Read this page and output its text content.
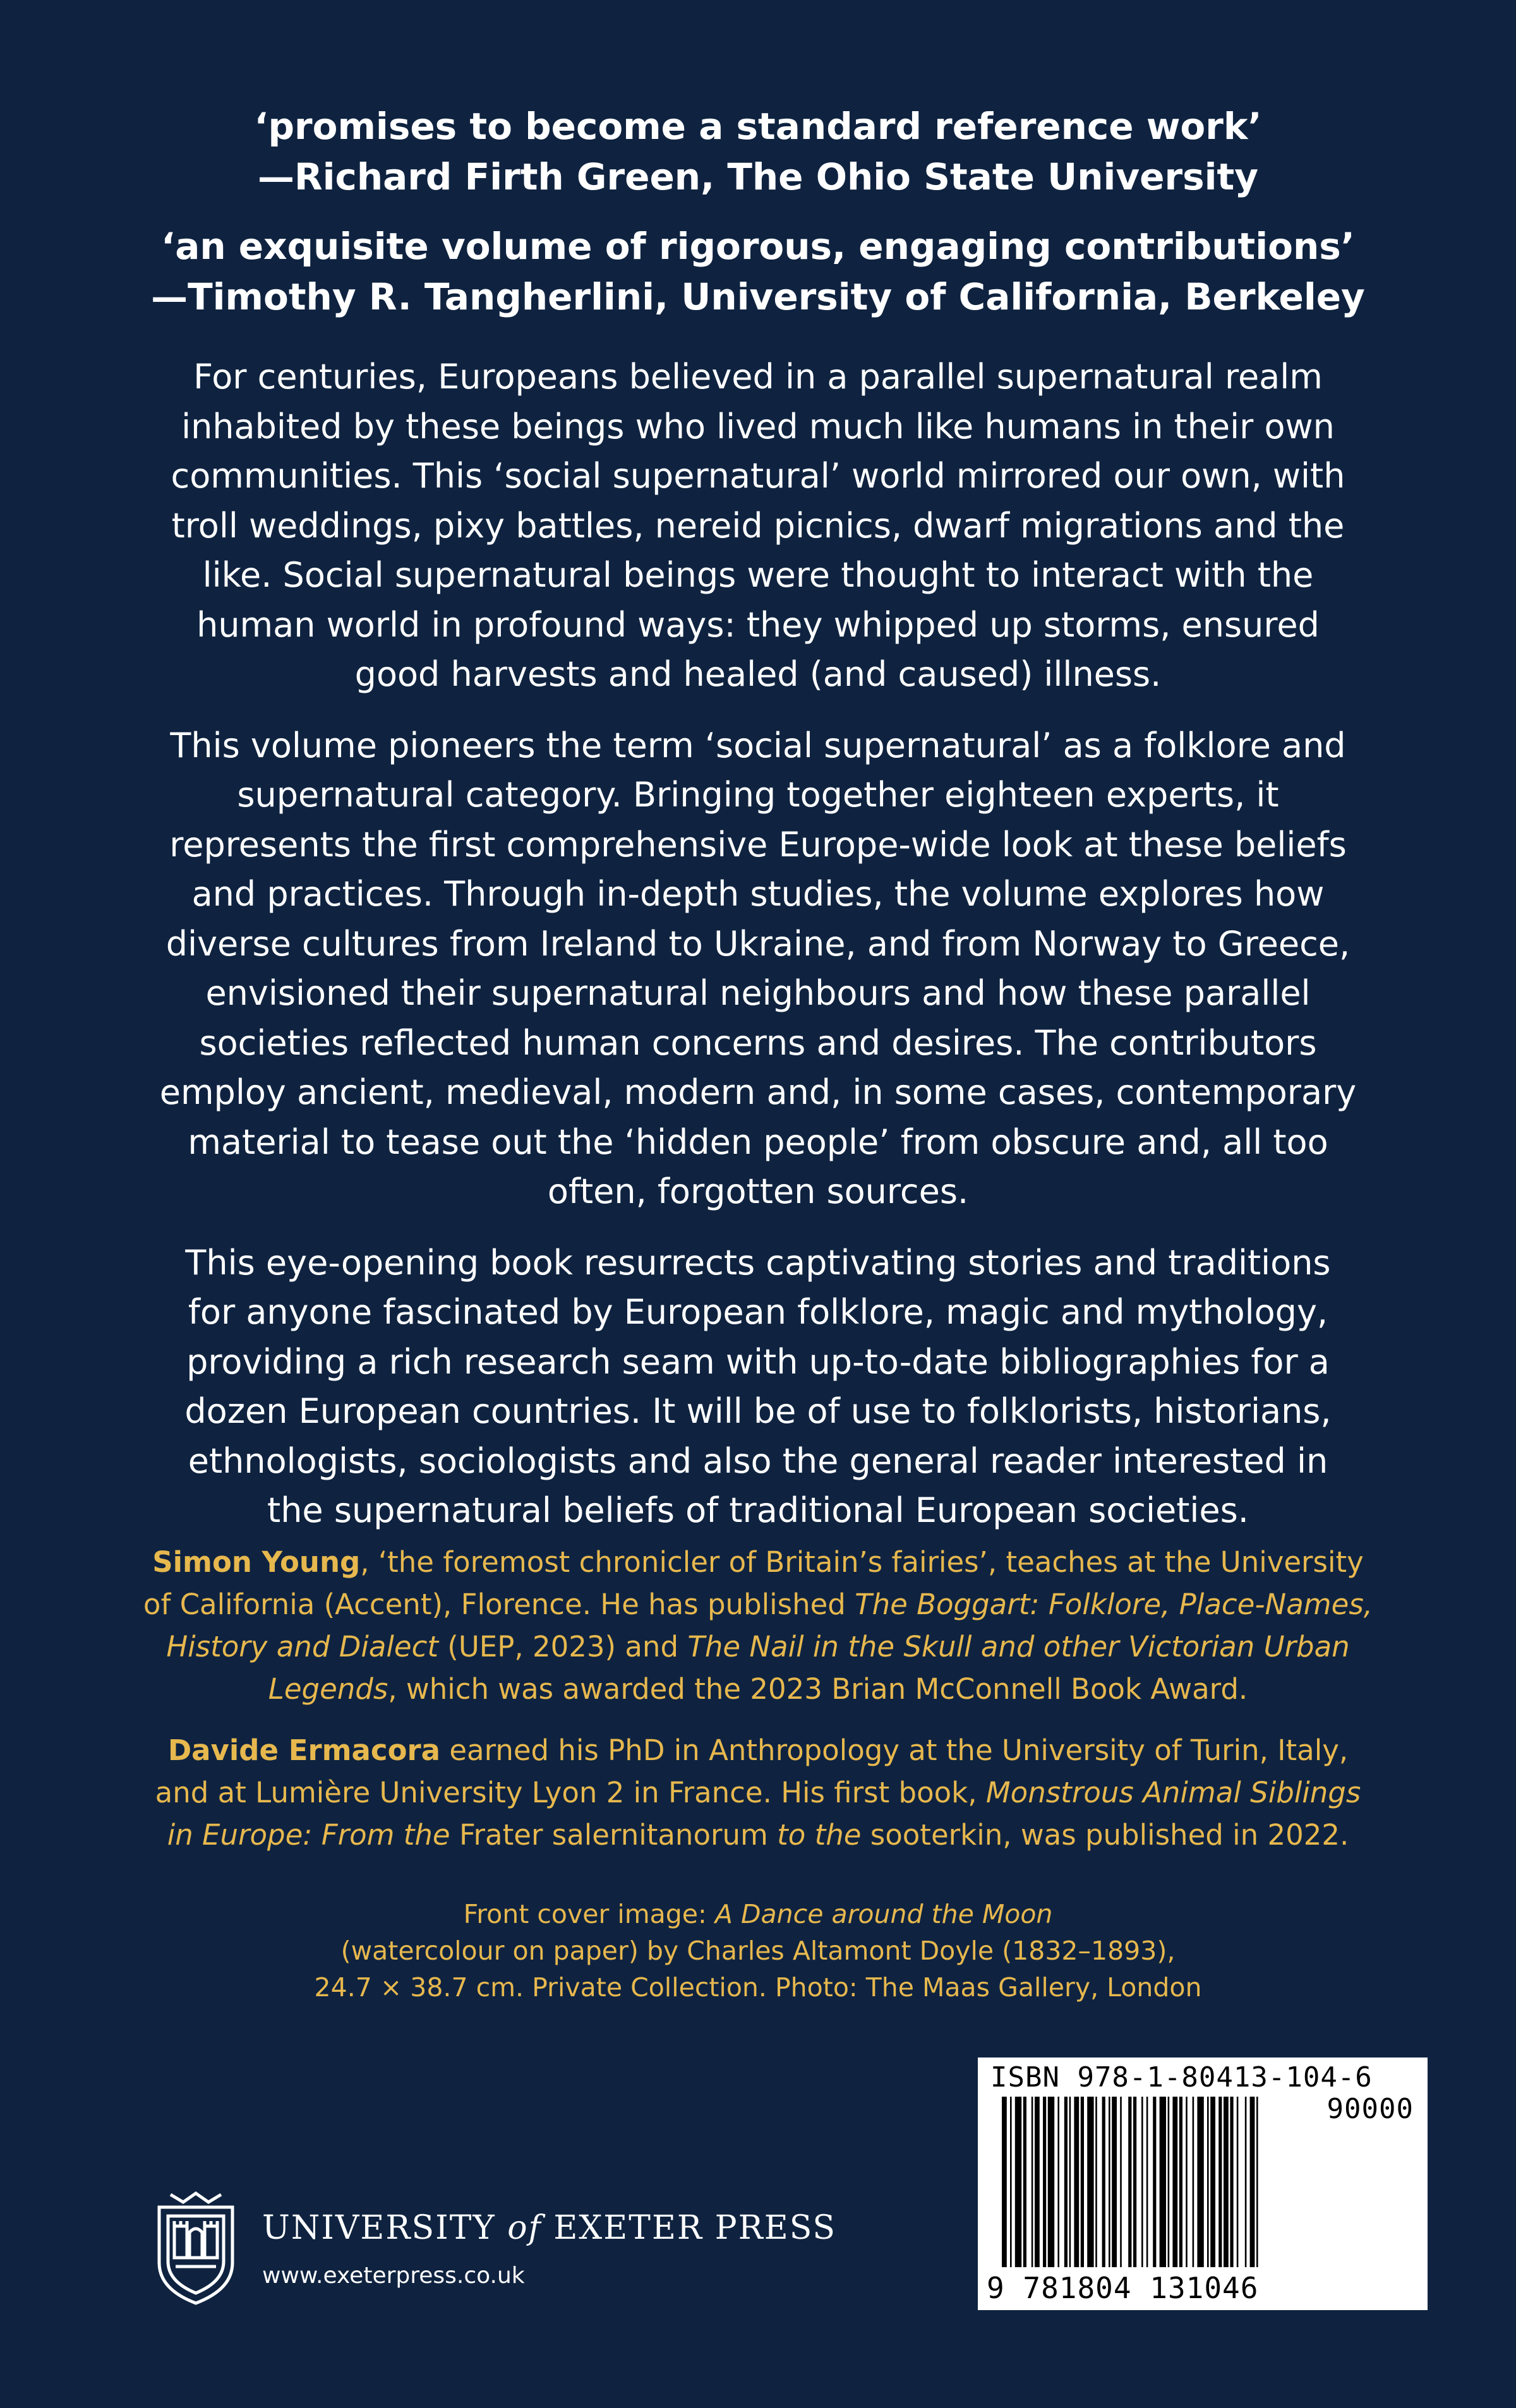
‘promises to become a standard reference work’
—Richard Firth Green, The Ohio State University
‘an exquisite volume of rigorous, engaging contributions’
—Timothy R. Tangherlini, University of California, Berkeley

For centuries, Europeans believed in a parallel supernatural realm inhabited by these beings who lived much like humans in their own communities. This ‘social supernatural’ world mirrored our own, with troll weddings, pixy battles, nereid picnics, dwarf migrations and the like. Social supernatural beings were thought to interact with the human world in profound ways: they whipped up storms, ensured good harvests and healed (and caused) illness.

This volume pioneers the term ‘social supernatural’ as a folklore and supernatural category. Bringing together eighteen experts, it represents the first comprehensive Europe-wide look at these beliefs and practices. Through in-depth studies, the volume explores how diverse cultures from Ireland to Ukraine, and from Norway to Greece, envisioned their supernatural neighbours and how these parallel societies reflected human concerns and desires. The contributors employ ancient, medieval, modern and, in some cases, contemporary material to tease out the ‘hidden people’ from obscure and, all too often, forgotten sources.

This eye-opening book resurrects captivating stories and traditions for anyone fascinated by European folklore, magic and mythology, providing a rich research seam with up-to-date bibliographies for a dozen European countries. It will be of use to folklorists, historians, ethnologists, sociologists and also the general reader interested in the supernatural beliefs of traditional European societies.

Simon Young, ‘the foremost chronicler of Britain’s fairies’, teaches at the University of California (Accent), Florence. He has published The Boggart: Folklore, Place-Names, History and Dialect (UEP, 2023) and The Nail in the Skull and other Victorian Urban Legends, which was awarded the 2023 Brian McConnell Book Award.

Davide Ermacora earned his PhD in Anthropology at the University of Turin, Italy, and at Lumière University Lyon 2 in France. His first book, Monstrous Animal Siblings in Europe: From the Frater salernitanorum to the sooterkin, was published in 2022.

Front cover image: A Dance around the Moon
(watercolour on paper) by Charles Altamont Doyle (1832–1893),
24.7 × 38.7 cm. Private Collection. Photo: The Maas Gallery, London
UNIVERSITY of EXETER PRESS
www.exeterpress.co.uk
ISBN 978-1-80413-104-6
90000
9 781804 131046
